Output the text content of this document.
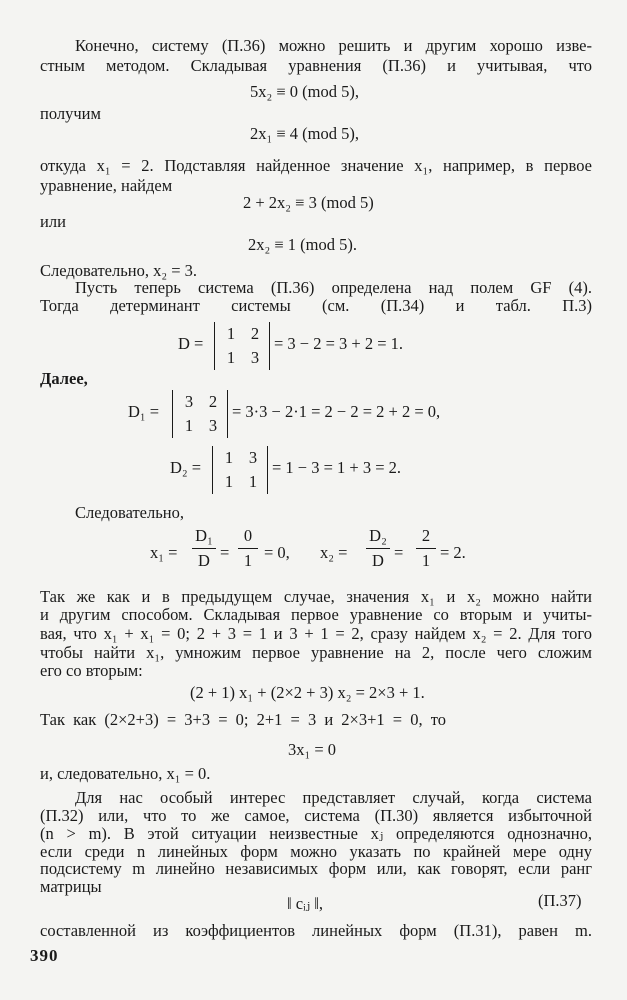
Конечно, систему (П.36) можно решить и другим хорошо изве-
стным методом. Складывая уравнения (П.36) и учитывая, что
5x₂ ≡ 0 (mod 5),
получим
2x₁ ≡ 4 (mod 5),
откуда x₁ = 2. Подставляя найденное значение x₁, например, в первое
уравнение, найдем
2 + 2x₂ ≡ 3 (mod 5)
или
2x₂ ≡ 1 (mod 5).
Следовательно, x₂ = 3.
Пусть теперь система (П.36) определена над полем GF (4).
Тогда детерминант системы (см. (П.34) и табл. П.3)
D =
1 2
1 3
= 3 − 2 = 3 + 2 = 1.
Далее,
D₁ =
3 2
1 3
= 3·3 − 2·1 = 2 − 2 = 2 + 2 = 0,
D₂ =
1 3
1 1
= 1 − 3 = 1 + 3 = 2.
Следовательно,
x₁ =
D₁
D =
0
1 = 0, x₂ =
D₂
D =
2
1 = 2.
Так же как и в предыдущем случае, значения x₁ и x₂ можно найти
и другим способом. Складывая первое уравнение со вторым и учиты-
вая, что x₁ + x₁ = 0; 2 + 3 = 1 и 3 + 1 = 2, сразу найдем x₂ = 2. Для того
чтобы найти x₁, умножим первое уравнение на 2, после чего сложим
его со вторым:
(2 + 1) x₁ + (2×2 + 3) x₂ = 2×3 + 1.
Так как (2×2+3) = 3+3 = 0; 2+1 = 3 и 2×3+1 = 0, то
3x₁ = 0
и, следовательно, x₁ = 0.
Для нас особый интерес представляет случай, когда система
(П.32) или, что то же самое, система (П.30) является избыточной
(n > m). В этой ситуации неизвестные xⱼ определяются однозначно,
если среди n линейных форм можно указать по крайней мере одну
подсистему m линейно независимых форм или, как говорят, если ранг
матрицы
‖ cᵢⱼ ‖,	(П.37)
составленной из коэффициентов линейных форм (П.31), равен m.
390
